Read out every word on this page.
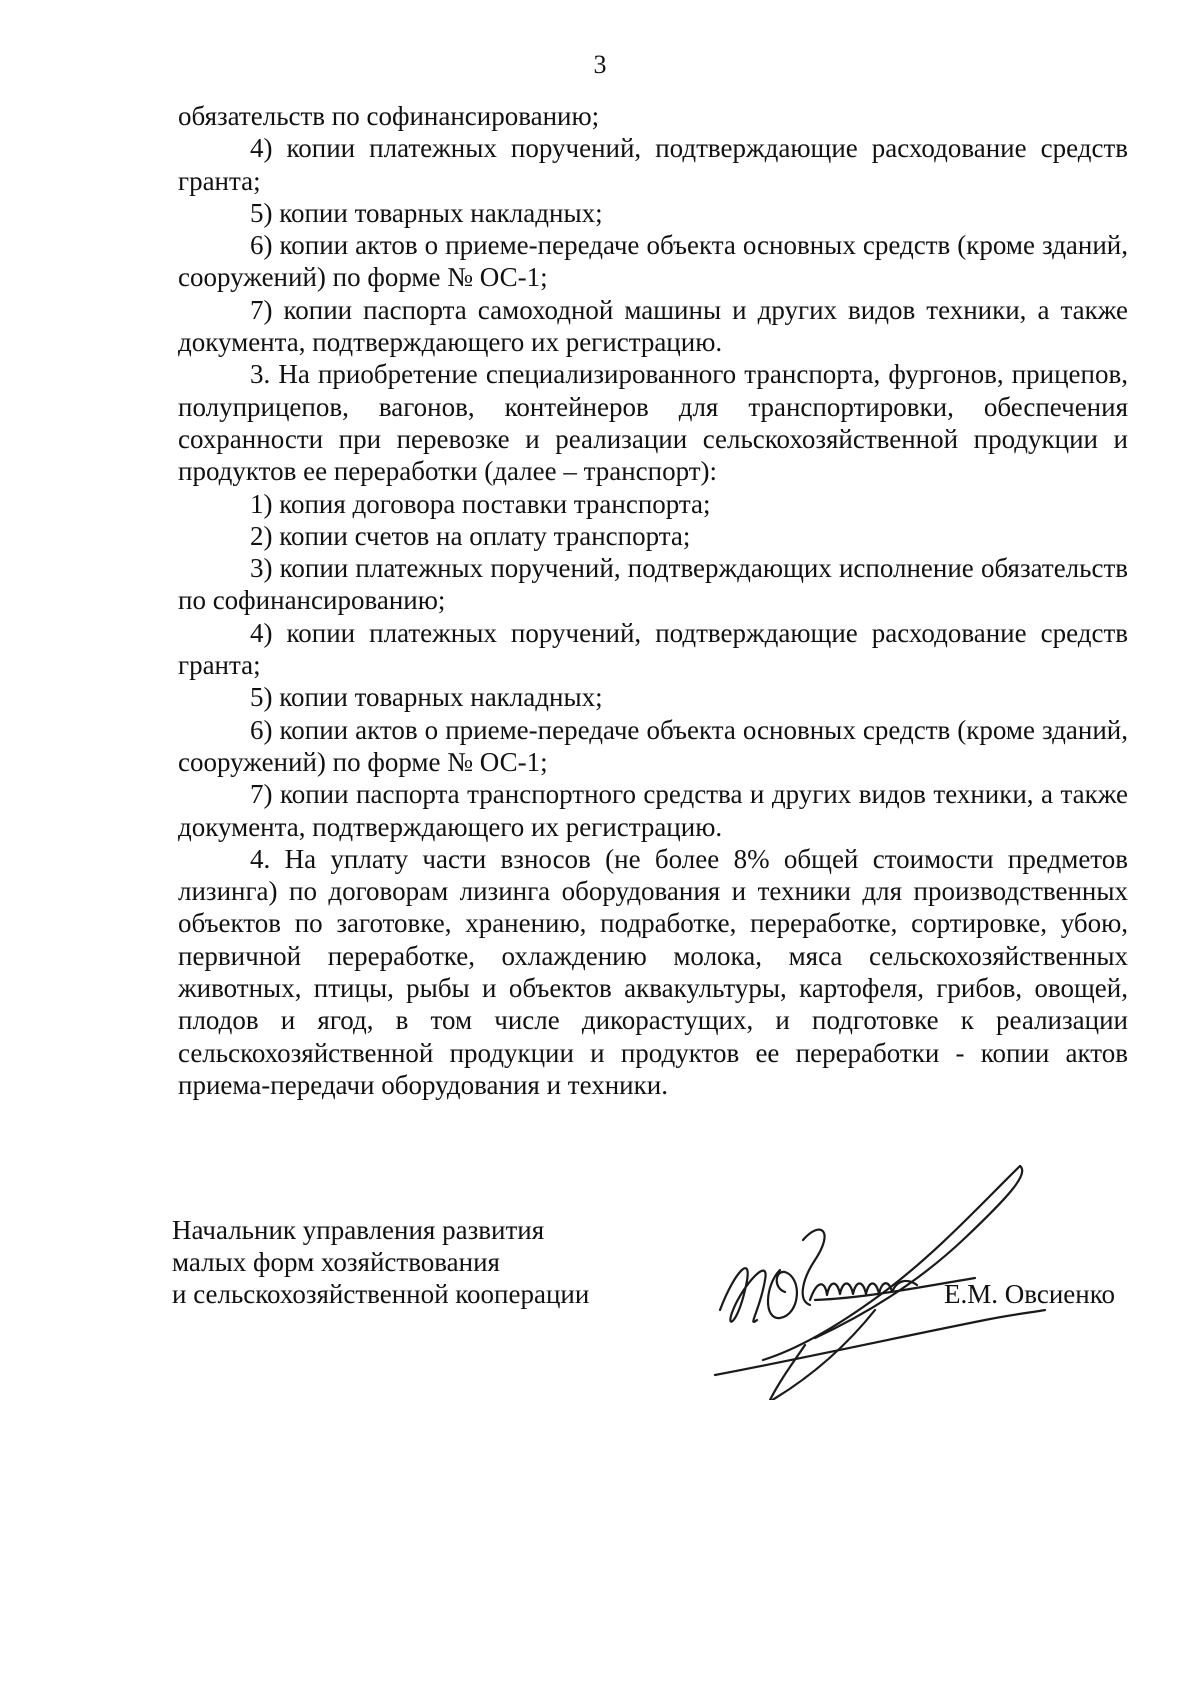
3

обязательств по софинансированию;

4) копии платежных поручений, подтверждающие расходование средств гранта;

5) копии товарных накладных;

6) копии актов о приеме-передаче объекта основных средств (кроме зданий, сооружений) по форме № ОС-1;

7) копии паспорта самоходной машины и других видов техники, а также документа, подтверждающего их регистрацию.

3. На приобретение специализированного транспорта, фургонов, прицепов, полуприцепов, вагонов, контейнеров для транспортировки, обеспечения сохранности при перевозке и реализации сельскохозяйственной продукции и продуктов ее переработки (далее – транспорт):

1) копия договора поставки транспорта;

2) копии счетов на оплату транспорта;

3) копии платежных поручений, подтверждающих исполнение обязательств по софинансированию;

4) копии платежных поручений, подтверждающие расходование средств гранта;

5) копии товарных накладных;

6) копии актов о приеме-передаче объекта основных средств (кроме зданий, сооружений) по форме № ОС-1;

7) копии паспорта транспортного средства и других видов техники, а также документа, подтверждающего их регистрацию.

4. На уплату части взносов (не более 8% общей стоимости предметов лизинга) по договорам лизинга оборудования и техники для производственных объектов по заготовке, хранению, подработке, переработке, сортировке, убою, первичной переработке, охлаждению молока, мяса сельскохозяйственных животных, птицы, рыбы и объектов аквакультуры, картофеля, грибов, овощей, плодов и ягод, в том числе дикорастущих, и подготовке к реализации сельскохозяйственной продукции и продуктов ее переработки - копии актов приема-передачи оборудования и техники.

Начальник управления развития
малых форм хозяйствования
и сельскохозяйственной кооперации	Е.М. Овсиенко
